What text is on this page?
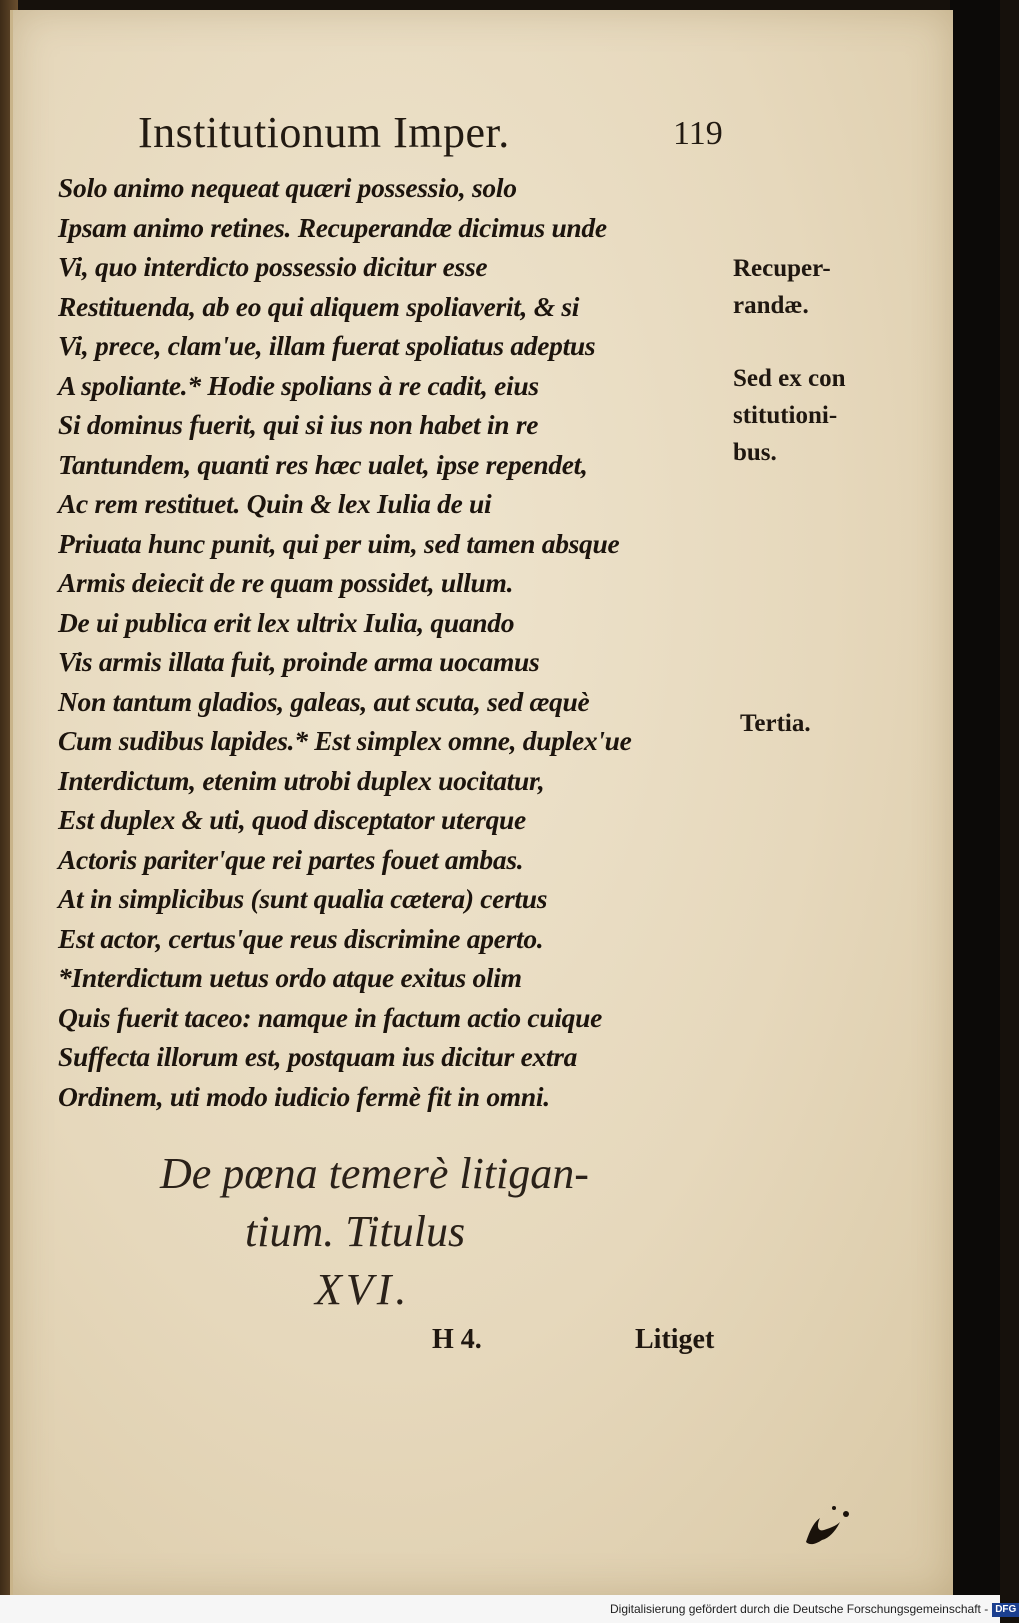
Institutionum Imper.	119
Solo animo nequeat quæri possessio, solo
Ipsam animo retines. Recuperandæ dicimus unde
Vi, quo interdicto possessio dicitur esse
Restituenda, ab eo qui aliquem spoliaverit, & si
Vi, prece, clam'ue, illam fuerat spoliatus adeptus
A spoliante.* Hodie spolians à re cadit, eius
Si dominus fuerit, qui si ius non habet in re
Tantundem, quanti res hæc ualet, ipse rependet,
Ac rem restituet. Quin & lex Iulia de ui
Priuata hunc punit, qui per uim, sed tamen absque
Armis deiecit de re quam possidet, ullum.
De ui publica erit lex ultrix Iulia, quando
Vis armis illata fuit, proinde arma uocamus
Non tantum gladios, galeas, aut scuta, sed æquè
Cum sudibus lapides.* Est simplex omne, duplex'ue
Interdictum, etenim utrobi duplex uocitatur,
Est duplex & uti, quod disceptator uterque
Actoris pariter'que rei partes fouet ambas.
At in simplicibus (sunt qualia cætera) certus
Est actor, certus'que reus discrimine aperto.
*Interdictum uetus ordo atque exitus olim
Quis fuerit taceo: namque in factum actio cuique
Suffecta illorum est, postquam ius dicitur extra
Ordinem, uti modo iudicio fermè fit in omni.
Recuper-
randæ.
Sed ex con
stitutioni-
bus.
Tertia.
De pœna temerè litigan-
tium. Titulus
XVI.
H 4.	Litiget
Digitalisierung gefördert durch die Deutsche Forschungsgemeinschaft - DFG
